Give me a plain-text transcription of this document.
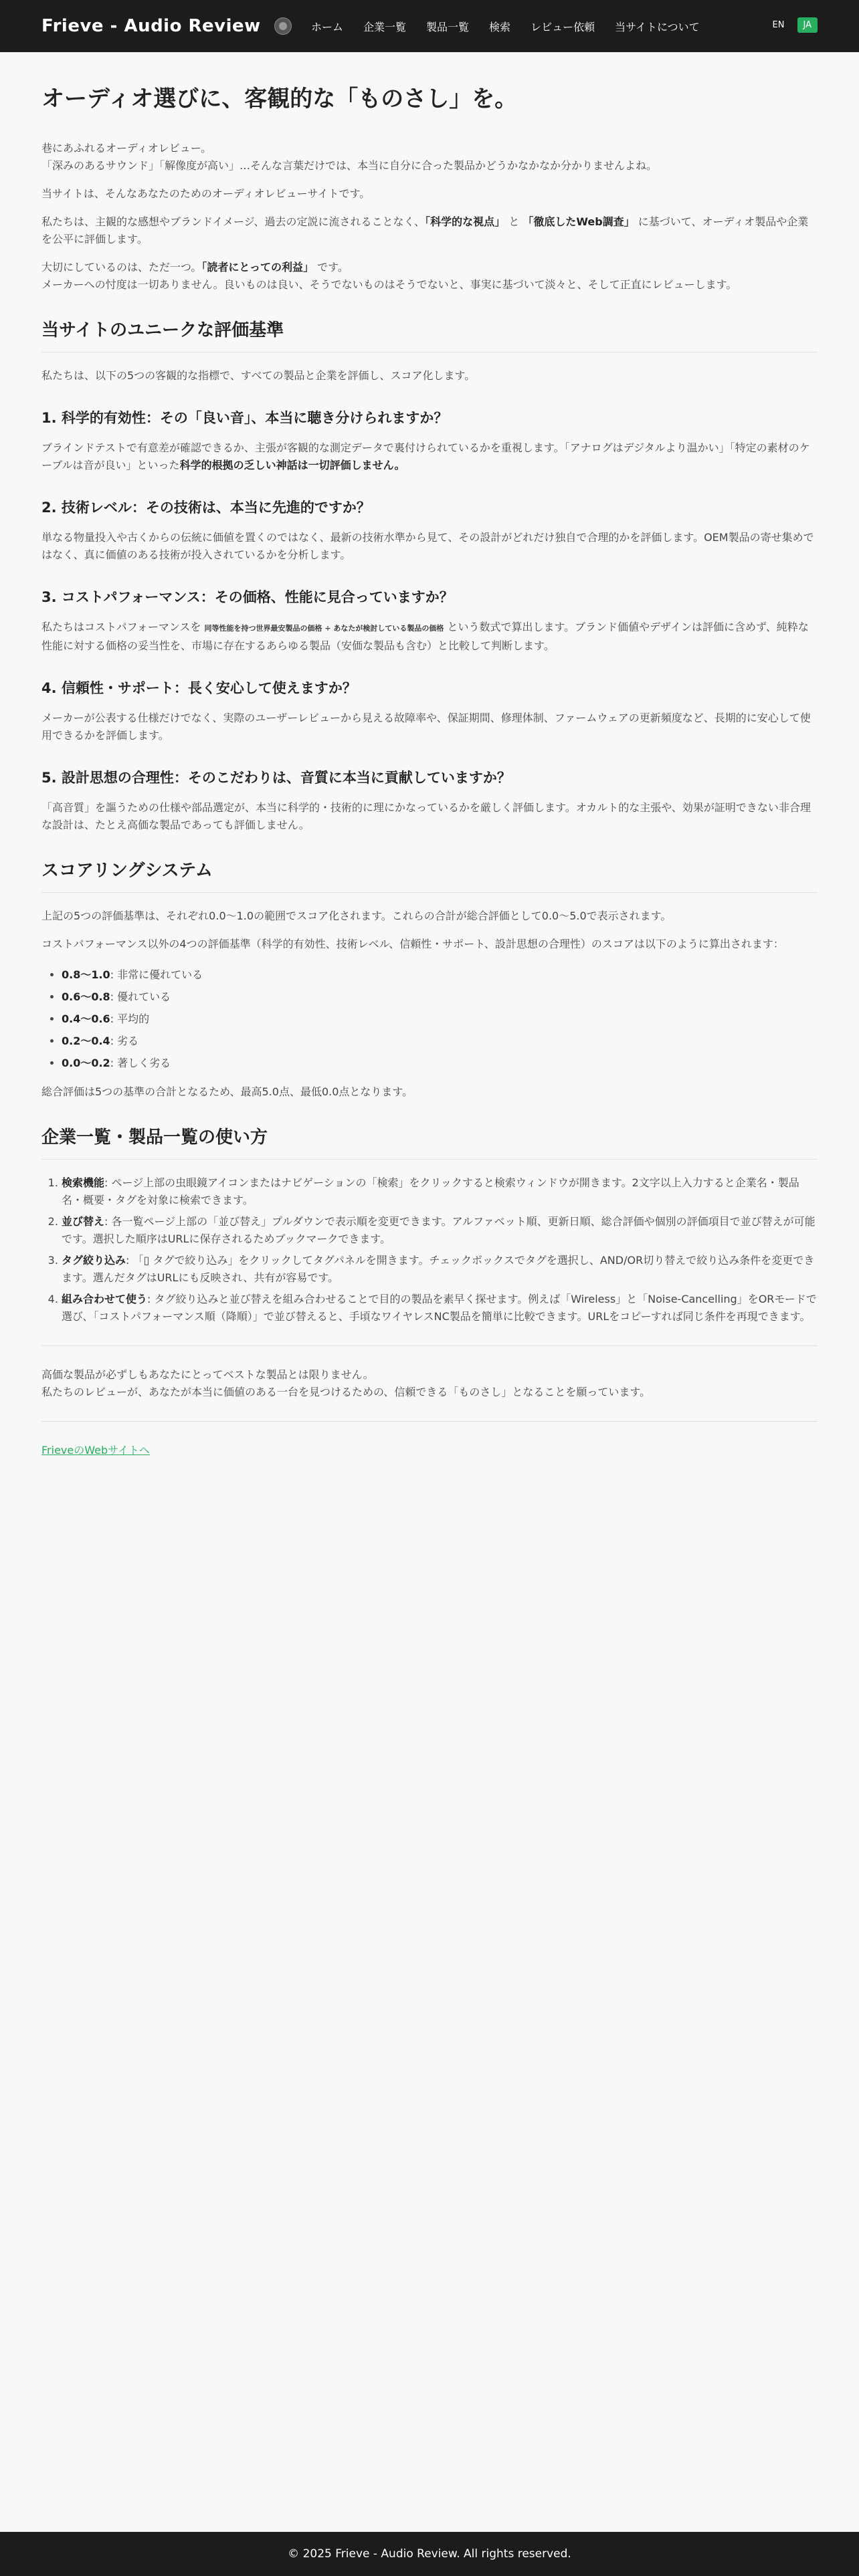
Frieve - Audio Review	ホーム 企業一覧 製品一覧 検索 レビュー依頼 当サイトについて	EN	JA
オーディオ選びに、客観的な「ものさし」を。

巷にあふれるオーディオレビュー。
「深みのあるサウンド」「解像度が高い」…そんな言葉だけでは、本当に自分に合った製品かどうかなかなか分かりませんよね。

当サイトは、そんなあなたのためのオーディオレビューサイトです。

私たちは、主観的な感想やブランドイメージ、過去の定説に流されることなく、「科学的な視点」 と 「徹底したWeb調査」 に基づいて、オーディオ製品や企業を公平に評価します。

大切にしているのは、ただ一つ。「読者にとっての利益」 です。
メーカーへの忖度は一切ありません。良いものは良い、そうでないものはそうでないと、事実に基づいて淡々と、そして正直にレビューします。

当サイトのユニークな評価基準

私たちは、以下の5つの客観的な指標で、すべての製品と企業を評価し、スコア化します。

1. 科学的有効性：その「良い音」、本当に聴き分けられますか？

ブラインドテストで有意差が確認できるか、主張が客観的な測定データで裏付けられているかを重視します。「アナログはデジタルより温かい」「特定の素材のケーブルは音が良い」といった科学的根拠の乏しい神話は一切評価しません。

2. 技術レベル：その技術は、本当に先進的ですか？

単なる物量投入や古くからの伝統に価値を置くのではなく、最新の技術水準から見て、その設計がどれだけ独自で合理的かを評価します。OEM製品の寄せ集めではなく、真に価値のある技術が投入されているかを分析します。

3. コストパフォーマンス：その価格、性能に見合っていますか？

私たちはコストパフォーマンスを 同等性能を持つ世界最安製品の価格 ÷ あなたが検討している製品の価格 という数式で算出します。ブランド価値やデザインは評価に含めず、純粋な性能に対する価格の妥当性を、市場に存在するあらゆる製品（安価な製品も含む）と比較して判断します。

4. 信頼性・サポート：長く安心して使えますか？

メーカーが公表する仕様だけでなく、実際のユーザーレビューから見える故障率や、保証期間、修理体制、ファームウェアの更新頻度など、長期的に安心して使用できるかを評価します。

5. 設計思想の合理性：そのこだわりは、音質に本当に貢献していますか？

「高音質」を謳うための仕様や部品選定が、本当に科学的・技術的に理にかなっているかを厳しく評価します。オカルト的な主張や、効果が証明できない非合理な設計は、たとえ高価な製品であっても評価しません。

スコアリングシステム

上記の5つの評価基準は、それぞれ0.0〜1.0の範囲でスコア化されます。これらの合計が総合評価として0.0〜5.0で表示されます。

コストパフォーマンス以外の4つの評価基準（科学的有効性、技術レベル、信頼性・サポート、設計思想の合理性）のスコアは以下のように算出されます：

• 0.8〜1.0: 非常に優れている
• 0.6〜0.8: 優れている
• 0.4〜0.6: 平均的
• 0.2〜0.4: 劣る
• 0.0〜0.2: 著しく劣る

総合評価は5つの基準の合計となるため、最高5.0点、最低0.0点となります。

企業一覧・製品一覧の使い方
1. 検索機能: ページ上部の虫眼鏡アイコンまたはナビゲーションの「検索」をクリックすると検索ウィンドウが開きます。2文字以上入力すると企業名・製品名・概要・タグを対象に検索できます。
2. 並び替え: 各一覧ページ上部の「並び替え」プルダウンで表示順を変更できます。アルファベット順、更新日順、総合評価や個別の評価項目で並び替えが可能です。選択した順序はURLに保存されるためブックマークできます。
3. タグ絞り込み: 「▯ タグで絞り込み」をクリックしてタグパネルを開きます。チェックボックスでタグを選択し、AND/OR切り替えで絞り込み条件を変更できます。選んだタグはURLにも反映され、共有が容易です。
4. 組み合わせて使う: タグ絞り込みと並び替えを組み合わせることで目的の製品を素早く探せます。例えば「Wireless」と「Noise-Cancelling」をORモードで選び、「コストパフォーマンス順（降順）」で並び替えると、手頃なワイヤレスNC製品を簡単に比較できます。URLをコピーすれば同じ条件を再現できます。

高価な製品が必ずしもあなたにとってベストな製品とは限りません。
私たちのレビューが、あなたが本当に価値のある一台を見つけるための、信頼できる「ものさし」となることを願っています。

FrieveのWebサイトへ
© 2025 Frieve - Audio Review. All rights reserved.
